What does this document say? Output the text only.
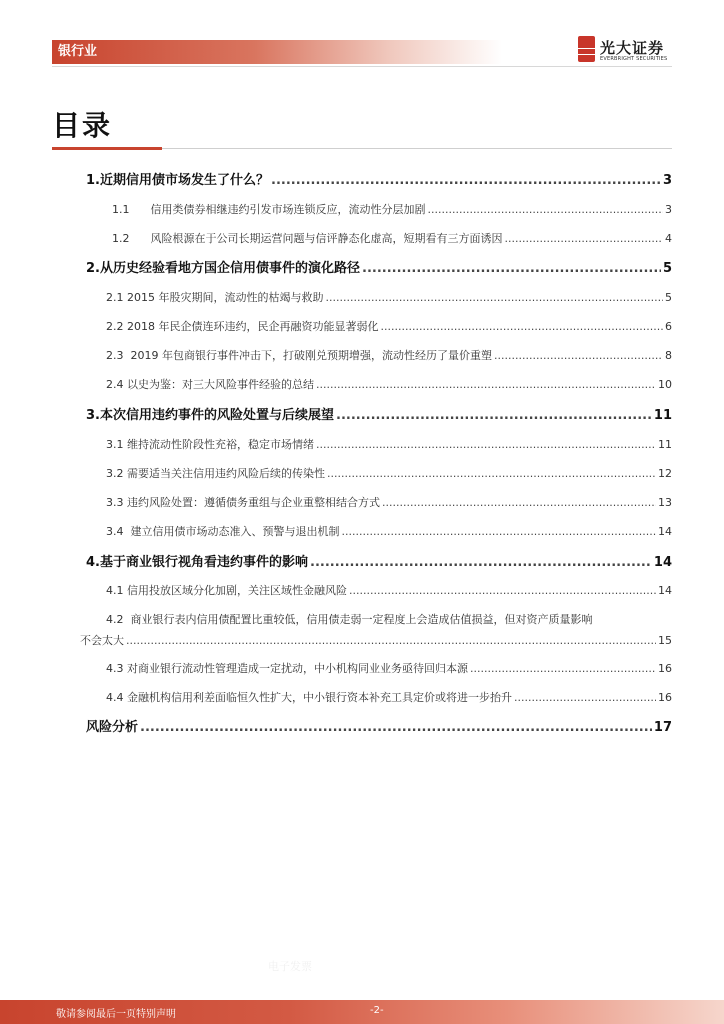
银行业	光大证券
EVERBRIGHT SECURITIES
目录
1.近期信用债市场发生了什么？ .....	3
1.1 信用类债券相继违约引发市场连锁反应，流动性分层加剧 .....	3
1.2 风险根源在于公司长期运营问题与信评静态化虚高，短期看有三方面诱因 .....	4
2.从历史经验看地方国企信用债事件的演化路径 .....	5
2.1 2015 年股灾期间，流动性的枯竭与救助 .....	5
2.2 2018 年民企债连环违约，民企再融资功能显著弱化 .....	6
2.3 2019 年包商银行事件冲击下，打破刚兑预期增强，流动性经历了量价重塑 .....	8
2.4 以史为鉴：对三大风险事件经验的总结 .....	10
3.本次信用违约事件的风险处置与后续展望 .....	11
3.1 维持流动性阶段性充裕，稳定市场情绪 .....	11
3.2 需要适当关注信用违约风险后续的传染性 .....	12
3.3 违约风险处置：遵循债务重组与企业重整相结合方式 .....	13
3.4 建立信用债市场动态准入、预警与退出机制 .....	14
4.基于商业银行视角看违约事件的影响 .....	14
4.1 信用投放区域分化加剧，关注区域性金融风险 .....	14
4.2 商业银行表内信用债配置比重较低，信用债走弱一定程度上会造成估值损益，但对资产质量影响
不会太大 .....	15
4.3 对商业银行流动性管理造成一定扰动，中小机构同业业务亟待回归本源 .....	16
4.4 金融机构信用利差面临恒久性扩大，中小银行资本补充工具定价或将进一步抬升 .....	16
风险分析 .....	17
电子发票
敬请参阅最后一页特别声明	-2-
